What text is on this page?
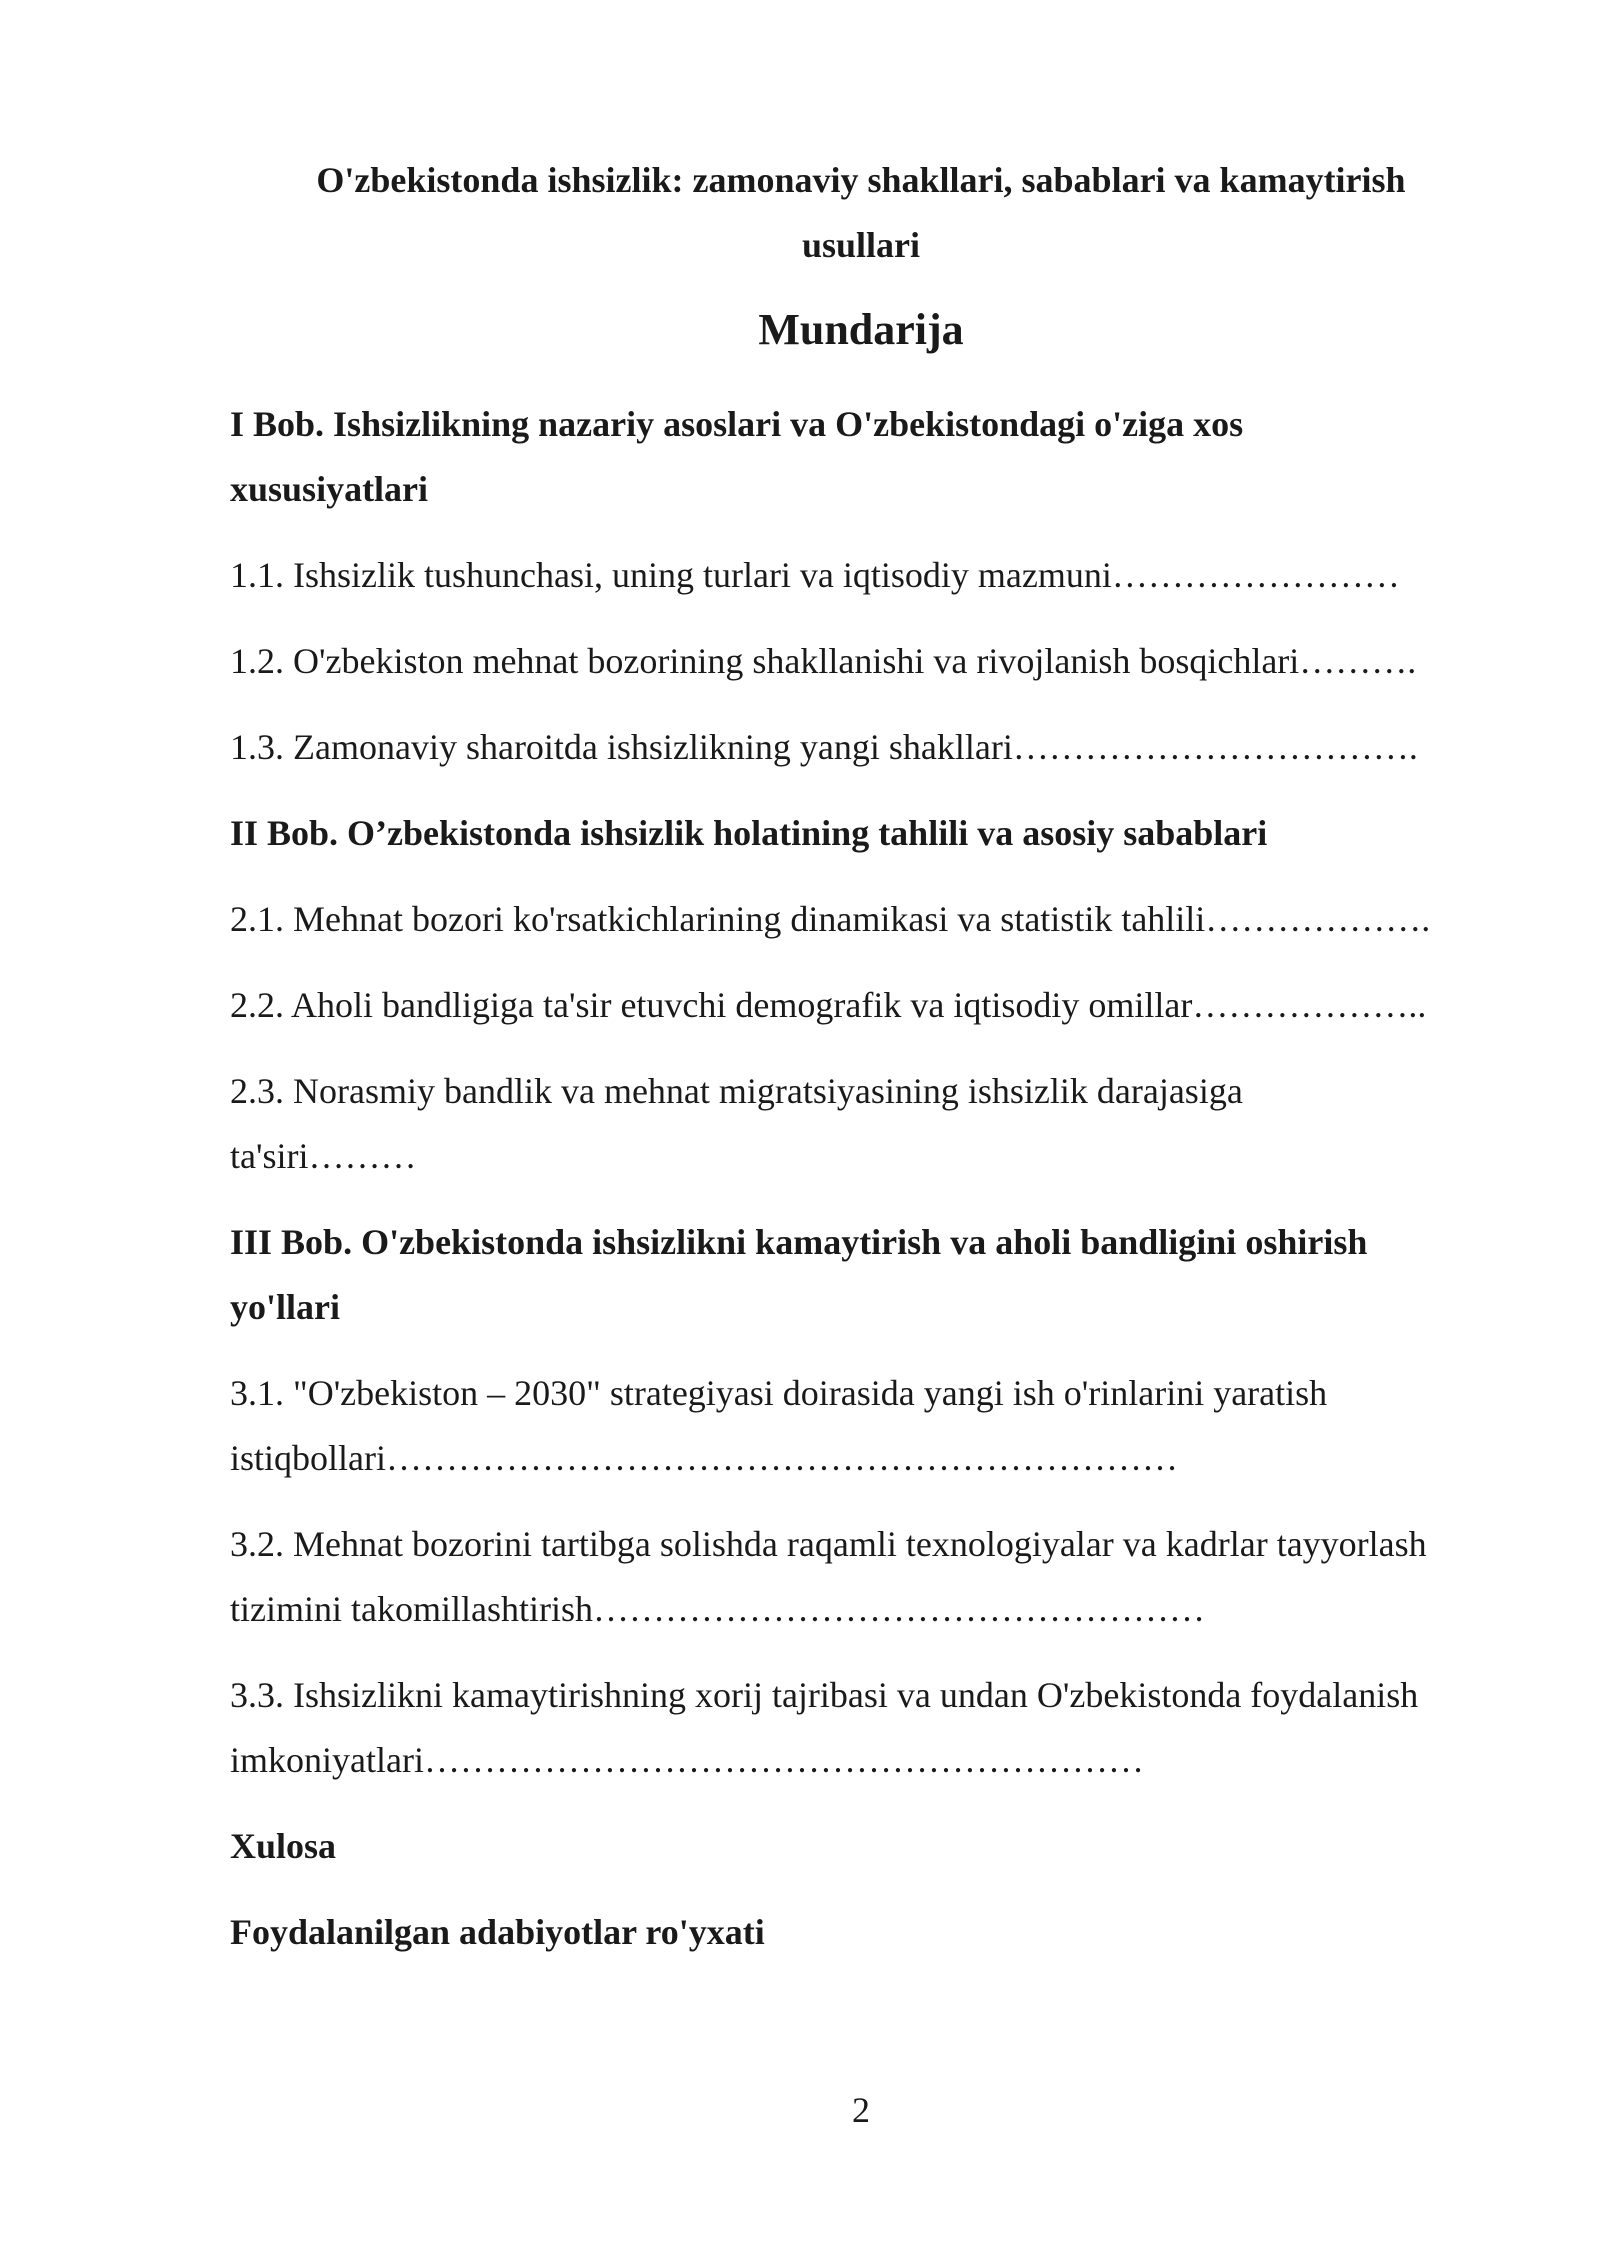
O'zbekistonda ishsizlik: zamonaviy shakllari, sabablari va kamaytirish
usullari
Mundarija
I Bob. Ishsizlikning nazariy asoslari va O'zbekistondagi o'ziga xos
xususiyatlari
1.1. Ishsizlik tushunchasi, uning turlari va iqtisodiy mazmuni……………………
1.2. O'zbekiston mehnat bozorining shakllanishi va rivojlanish bosqichlari……….
1.3. Zamonaviy sharoitda ishsizlikning yangi shakllari…………………………….
II Bob. O’zbekistonda ishsizlik holatining tahlili va asosiy sabablari
2.1. Mehnat bozori ko'rsatkichlarining dinamikasi va statistik tahlili……………….
2.2. Aholi bandligiga ta'sir etuvchi demografik va iqtisodiy omillar………………..
2.3. Norasmiy bandlik va mehnat migratsiyasining ishsizlik darajasiga
ta'siri………
III Bob. O'zbekistonda ishsizlikni kamaytirish va aholi bandligini oshirish
yo'llari
3.1. "O'zbekiston – 2030" strategiyasi doirasida yangi ish o'rinlarini yaratish
istiqbollari…………………………………………………………
3.2. Mehnat bozorini tartibga solishda raqamli texnologiyalar va kadrlar tayyorlash
tizimini takomillashtirish……………………………………………
3.3. Ishsizlikni kamaytirishning xorij tajribasi va undan O'zbekistonda foydalanish
imkoniyatlari……………………………………………………
Xulosa
Foydalanilgan adabiyotlar ro'yxati
2
